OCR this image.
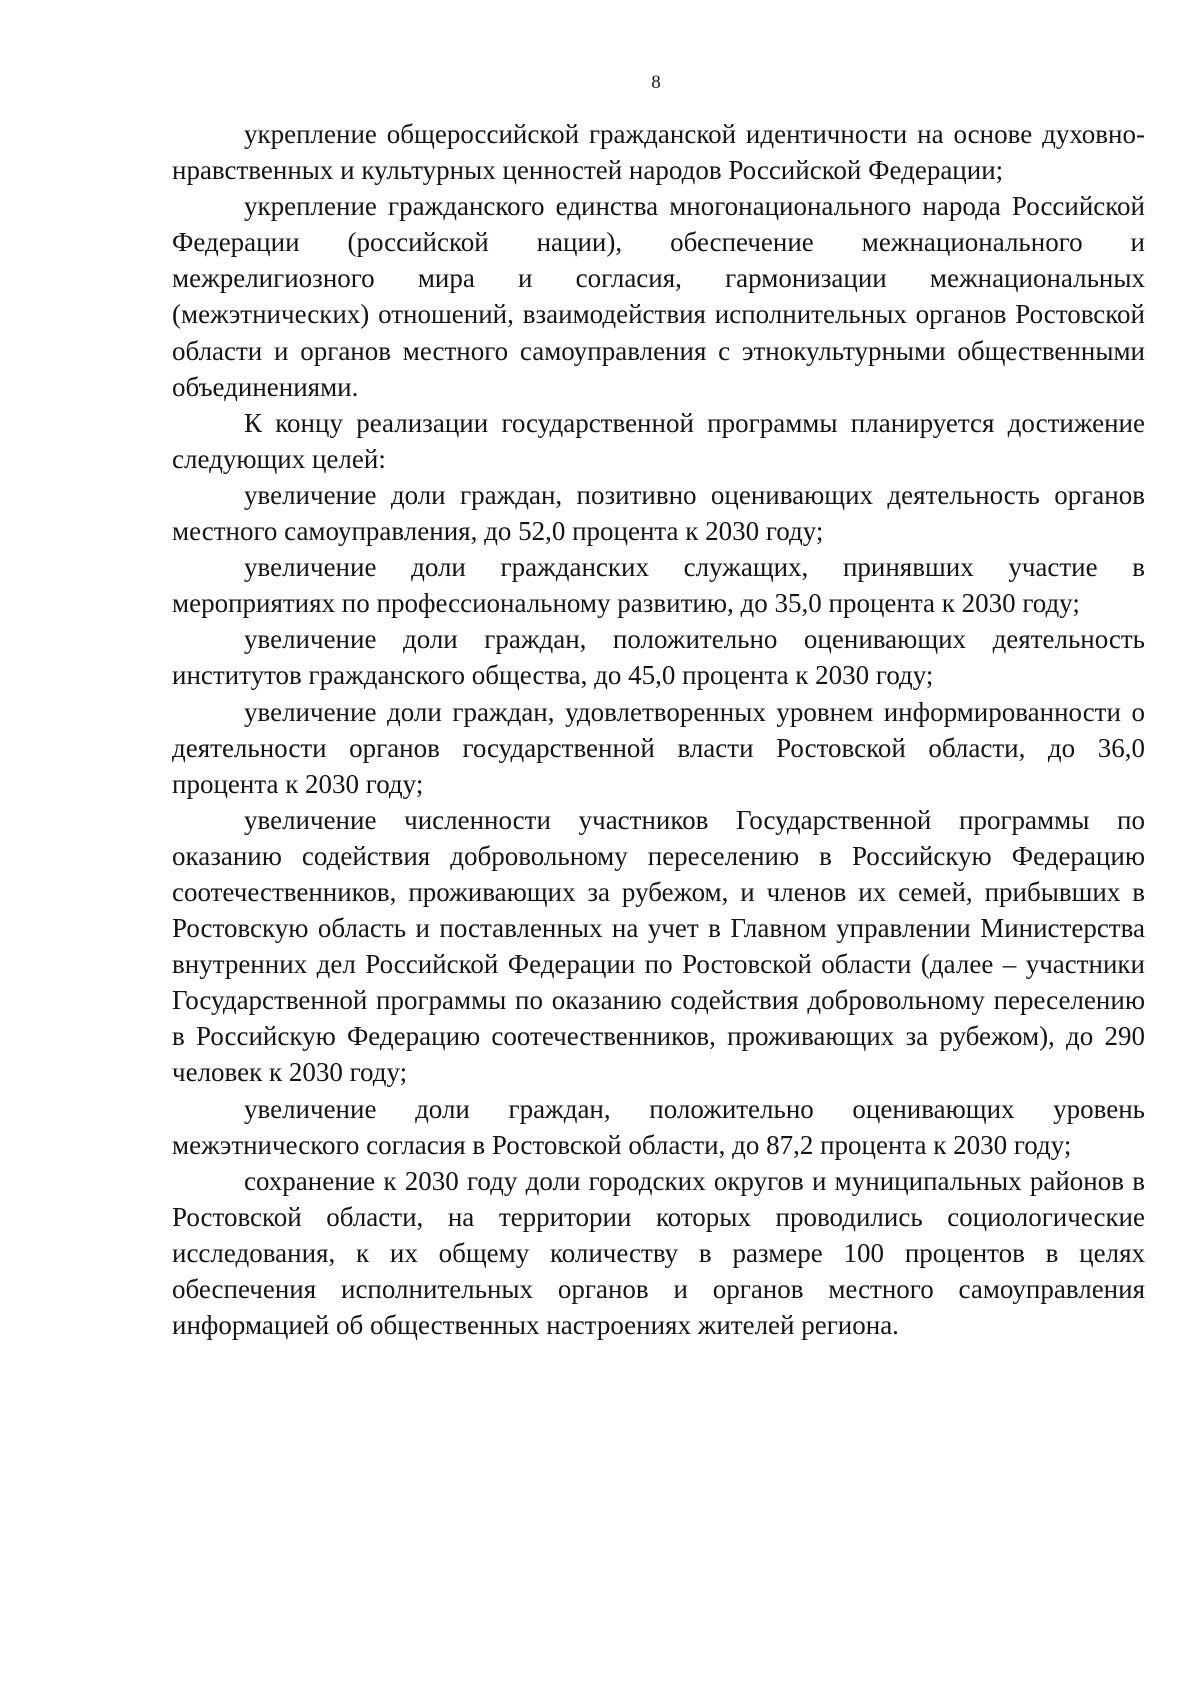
8

укрепление общероссийской гражданской идентичности на основе духовно-нравственных и культурных ценностей народов Российской Федерации;

укрепление гражданского единства многонационального народа Российской Федерации (российской нации), обеспечение межнационального и межрелигиозного мира и согласия, гармонизации межнациональных (межэтнических) отношений, взаимодействия исполнительных органов Ростовской области и органов местного самоуправления с этнокультурными общественными объединениями.

К концу реализации государственной программы планируется достижение следующих целей:

увеличение доли граждан, позитивно оценивающих деятельность органов местного самоуправления, до 52,0 процента к 2030 году;

увеличение доли гражданских служащих, принявших участие в мероприятиях по профессиональному развитию, до 35,0 процента к 2030 году;

увеличение доли граждан, положительно оценивающих деятельность институтов гражданского общества, до 45,0 процента к 2030 году;

увеличение доли граждан, удовлетворенных уровнем информированности о деятельности органов государственной власти Ростовской области, до 36,0 процента к 2030 году;

увеличение численности участников Государственной программы по оказанию содействия добровольному переселению в Российскую Федерацию соотечественников, проживающих за рубежом, и членов их семей, прибывших в Ростовскую область и поставленных на учет в Главном управлении Министерства внутренних дел Российской Федерации по Ростовской области (далее – участники Государственной программы по оказанию содействия добровольному переселению в Российскую Федерацию соотечественников, проживающих за рубежом), до 290 человек к 2030 году;

увеличение доли граждан, положительно оценивающих уровень межэтнического согласия в Ростовской области, до 87,2 процента к 2030 году;

сохранение к 2030 году доли городских округов и муниципальных районов в Ростовской области, на территории которых проводились социологические исследования, к их общему количеству в размере 100 процентов в целях обеспечения исполнительных органов и органов местного самоуправления информацией об общественных настроениях жителей региона.
